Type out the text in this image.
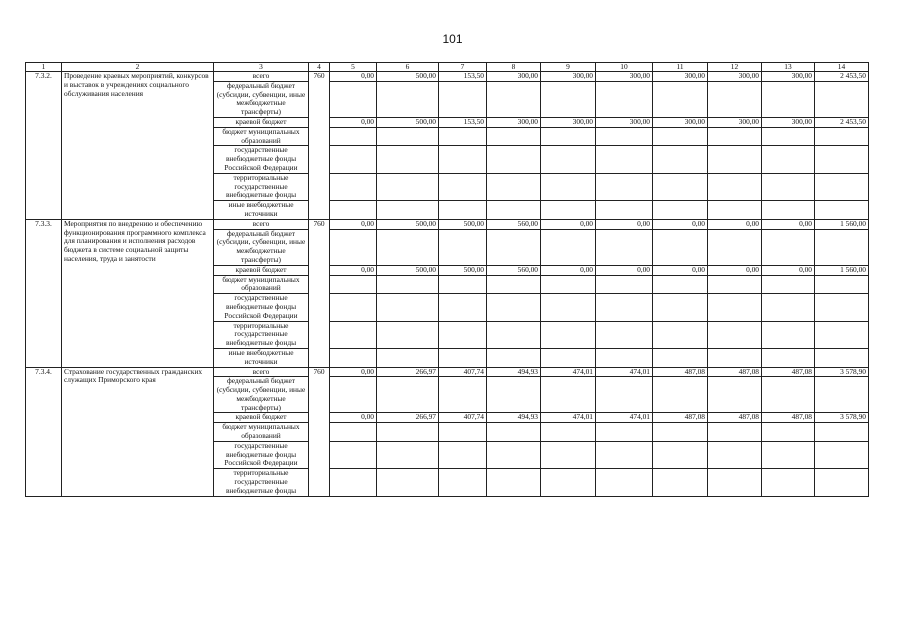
101
1	2	3	4	5	6	7	8	9	10	11	12	13	14
7.3.2.	Проведение краевых мероприятий, конкурсов и выставок в учреждениях социального обслуживания населения	всего	760	0,00	500,00	153,50	300,00	300,00	300,00	300,00	300,00	300,00	2 453,50
		федеральный бюджет (субсидии, субвенции, иные межбюджетные трансферты)											
		краевой бюджет		0,00	500,00	153,50	300,00	300,00	300,00	300,00	300,00	300,00	2 453,50
		бюджет муниципальных образований											
		государственные внебюджетные фонды Российской Федерации											
		территориальные государственные внебюджетные фонды											
		иные внебюджетные источники											
7.3.3.	Мероприятия по внедрению и обеспечению функционирования программного комплекса для планирования и исполнения расходов бюджета в системе социальной защиты населения, труда и занятости	всего	760	0,00	500,00	500,00	560,00	0,00	0,00	0,00	0,00	0,00	1 560,00
		федеральный бюджет (субсидии, субвенции, иные межбюджетные трансферты)											
		краевой бюджет		0,00	500,00	500,00	560,00	0,00	0,00	0,00	0,00	0,00	1 560,00
		бюджет муниципальных образований											
		государственные внебюджетные фонды Российской Федерации											
		территориальные государственные внебюджетные фонды											
		иные внебюджетные источники											
7.3.4.	Страхование государственных гражданских служащих Приморского края	всего	760	0,00	266,97	407,74	494,93	474,01	474,01	487,08	487,08	487,08	3 578,90
		федеральный бюджет (субсидии, субвенции, иные межбюджетные трансферты)											
		краевой бюджет		0,00	266,97	407,74	494,93	474,01	474,01	487,08	487,08	487,08	3 578,90
		бюджет муниципальных образований											
		государственные внебюджетные фонды Российской Федерации											
		территориальные государственные внебюджетные фонды											
